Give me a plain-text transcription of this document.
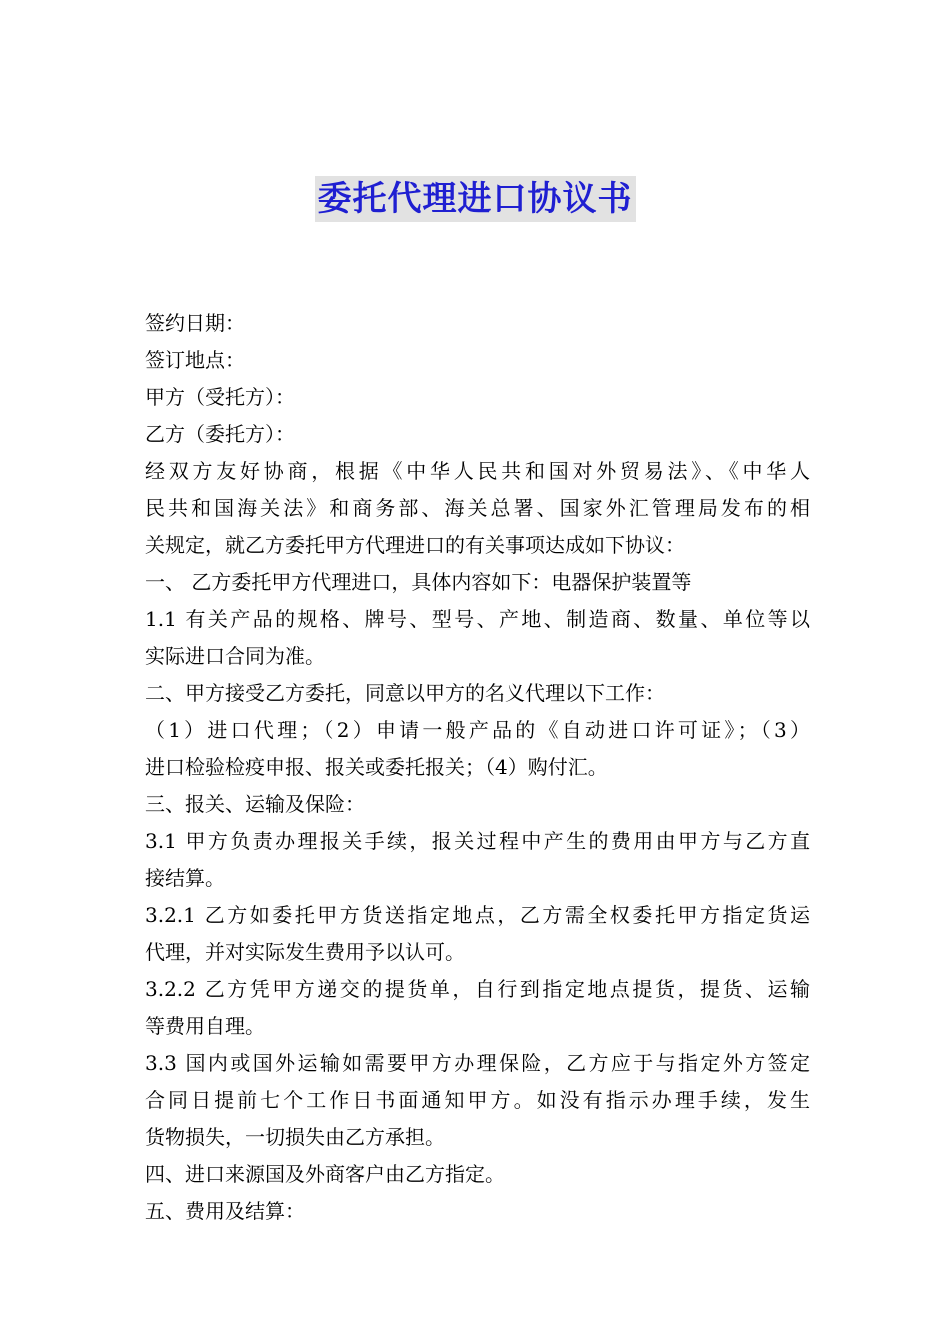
委托代理进口协议书
签约日期：
签订地点：
甲方（受托方）：
乙方（委托方）：
经双方友好协商，根据《中华人民共和国对外贸易法》、《中华人
民共和国海关法》和商务部、海关总署、国家外汇管理局发布的相
关规定，就乙方委托甲方代理进口的有关事项达成如下协议：
一、 乙方委托甲方代理进口，具体内容如下：电器保护装置等
1.1 有关产品的规格、牌号、型号、产地、制造商、数量、单位等以
实际进口合同为准。
二、甲方接受乙方委托，同意以甲方的名义代理以下工作：
（1）进口代理；（2）申请一般产品的《自动进口许可证》；（3）
进口检验检疫申报、报关或委托报关；（4）购付汇。
三、报关、运输及保险：
3.1 甲方负责办理报关手续，报关过程中产生的费用由甲方与乙方直
接结算。
3.2.1 乙方如委托甲方货送指定地点，乙方需全权委托甲方指定货运
代理，并对实际发生费用予以认可。
3.2.2 乙方凭甲方递交的提货单，自行到指定地点提货，提货、运输
等费用自理。
3.3 国内或国外运输如需要甲方办理保险，乙方应于与指定外方签定
合同日提前七个工作日书面通知甲方。如没有指示办理手续，发生
货物损失，一切损失由乙方承担。
四、进口来源国及外商客户由乙方指定。
五、费用及结算：
